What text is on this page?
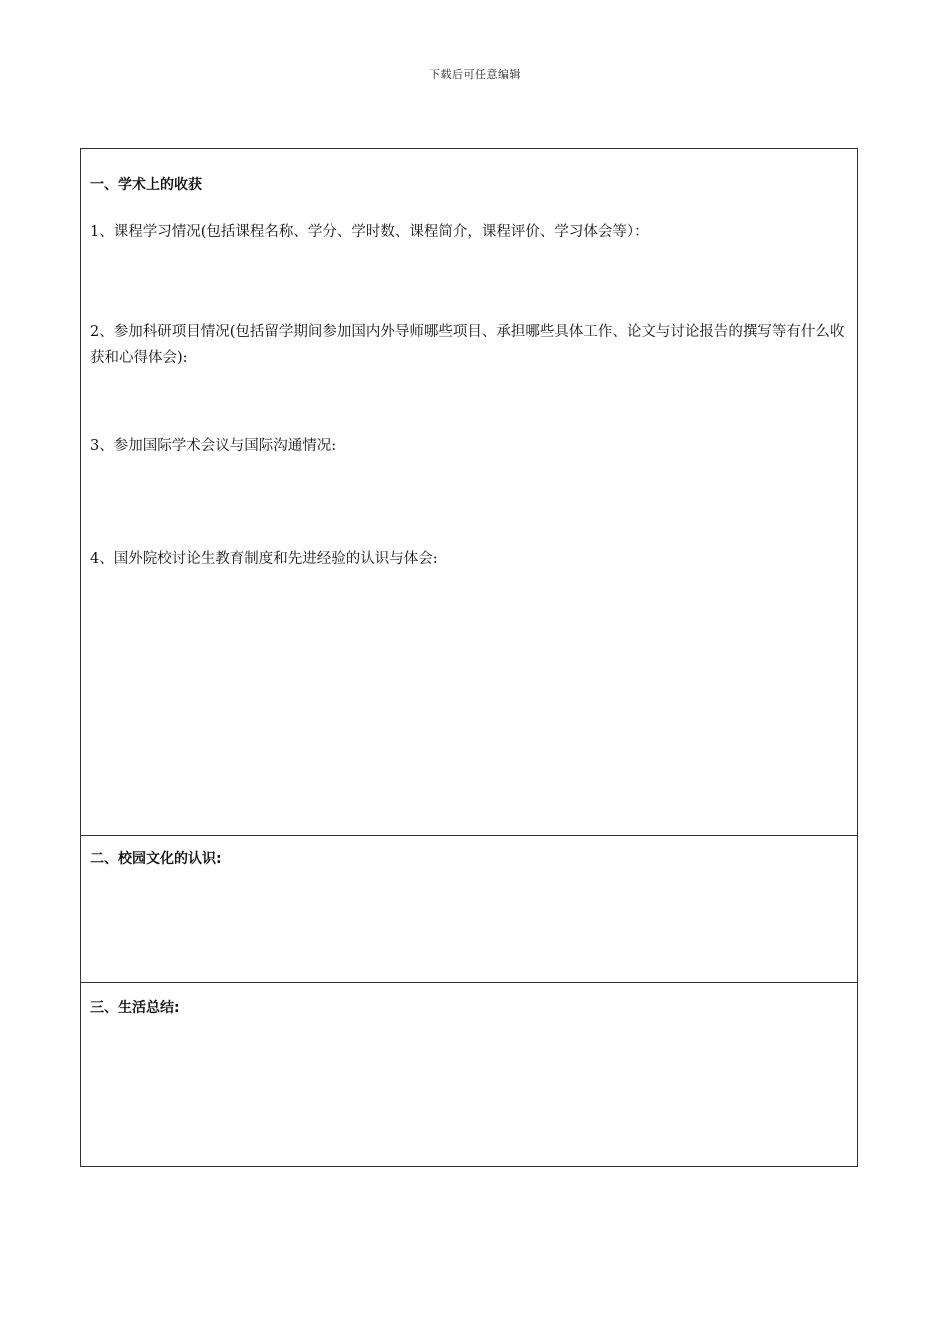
下载后可任意编辑
一、学术上的收获
1、课程学习情况(包括课程名称、学分、学时数、课程简介，课程评价、学习体会等）：
2、参加科研项目情况(包括留学期间参加国内外导师哪些项目、承担哪些具体工作、论文与讨论报告的撰写等有什么收获和心得体会):
3、参加国际学术会议与国际沟通情况:
4、国外院校讨论生教育制度和先进经验的认识与体会:
二、校园文化的认识:
三、生活总结:
